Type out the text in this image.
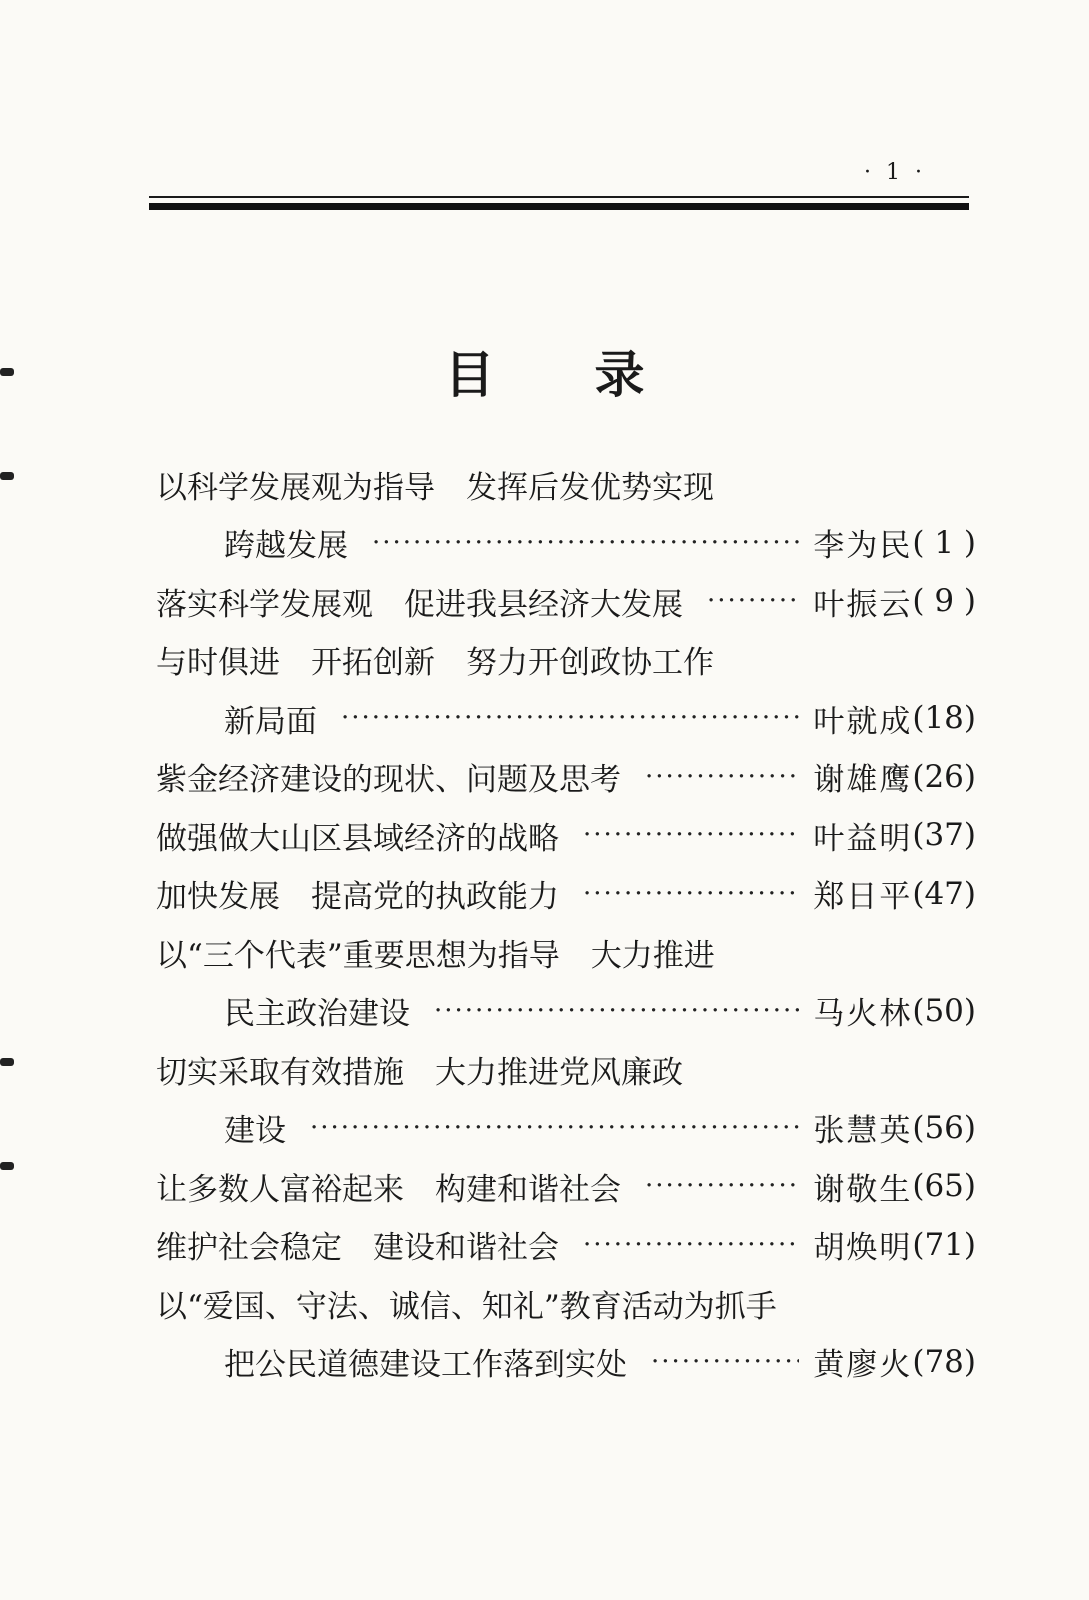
· 1 ·
目录
以科学发展观为指导　发挥后发优势实现
跨越发展 ·····	李为民 ( 1 )
落实科学发展观　促进我县经济大发展 ·····	叶振云 ( 9 )
与时俱进　开拓创新　努力开创政协工作
新局面 ·····	叶就成 (18)
紫金经济建设的现状、问题及思考 ·····	谢雄鹰 (26)
做强做大山区县域经济的战略 ·····	叶益明 (37)
加快发展　提高党的执政能力 ·····	郑日平 (47)
以“三个代表”重要思想为指导　大力推进
民主政治建设 ·····	马火林 (50)
切实采取有效措施　大力推进党风廉政
建设 ·····	张慧英 (56)
让多数人富裕起来　构建和谐社会 ·····	谢敬生 (65)
维护社会稳定　建设和谐社会 ·····	胡焕明 (71)
以“爱国、守法、诚信、知礼”教育活动为抓手
把公民道德建设工作落到实处 ·····	黄廖火 (78)
